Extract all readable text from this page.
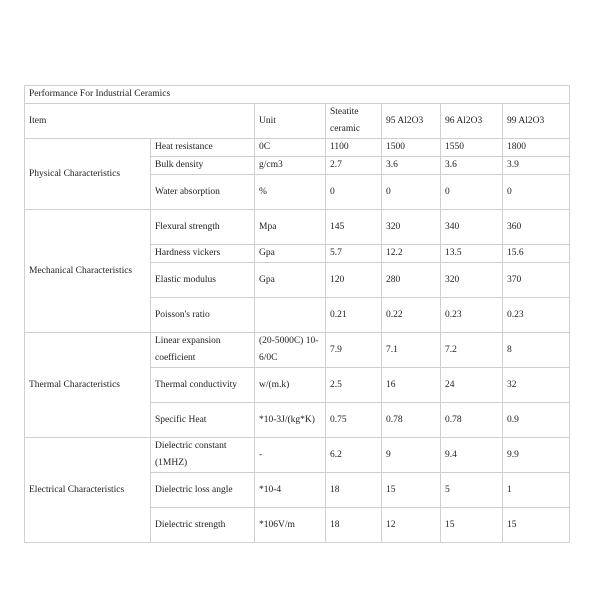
Performance For Industrial Ceramics						
Item		Unit	Steatite ceramic	95 Al2O3	96 Al2O3	99 Al2O3
Physical Characteristics	Heat resistance	0C	1100	1500	1550	1800
	Bulk density	g/cm3	2.7	3.6	3.6	3.9
	Water absorption	%	0	0	0	0
Mechanical Characteristics	Flexural strength	Mpa	145	320	340	360
	Hardness vickers	Gpa	5.7	12.2	13.5	15.6
	Elastic modulus	Gpa	120	280	320	370
	Poisson's ratio		0.21	0.22	0.23	0.23
Thermal Characteristics	Linear expansion coefficient	(20-5000C) 10-6/0C	7.9	7.1	7.2	8
	Thermal conductivity	w/(m.k)	2.5	16	24	32
	Specific Heat	*10-3J/(kg*K)	0.75	0.78	0.78	0.9
Electrical Characteristics	Dielectric constant (1MHZ)	-	6.2	9	9.4	9.9
	Dielectric loss angle	*10-4	18	15	5	1
	Dielectric strength	*106V/m	18	12	15	15
